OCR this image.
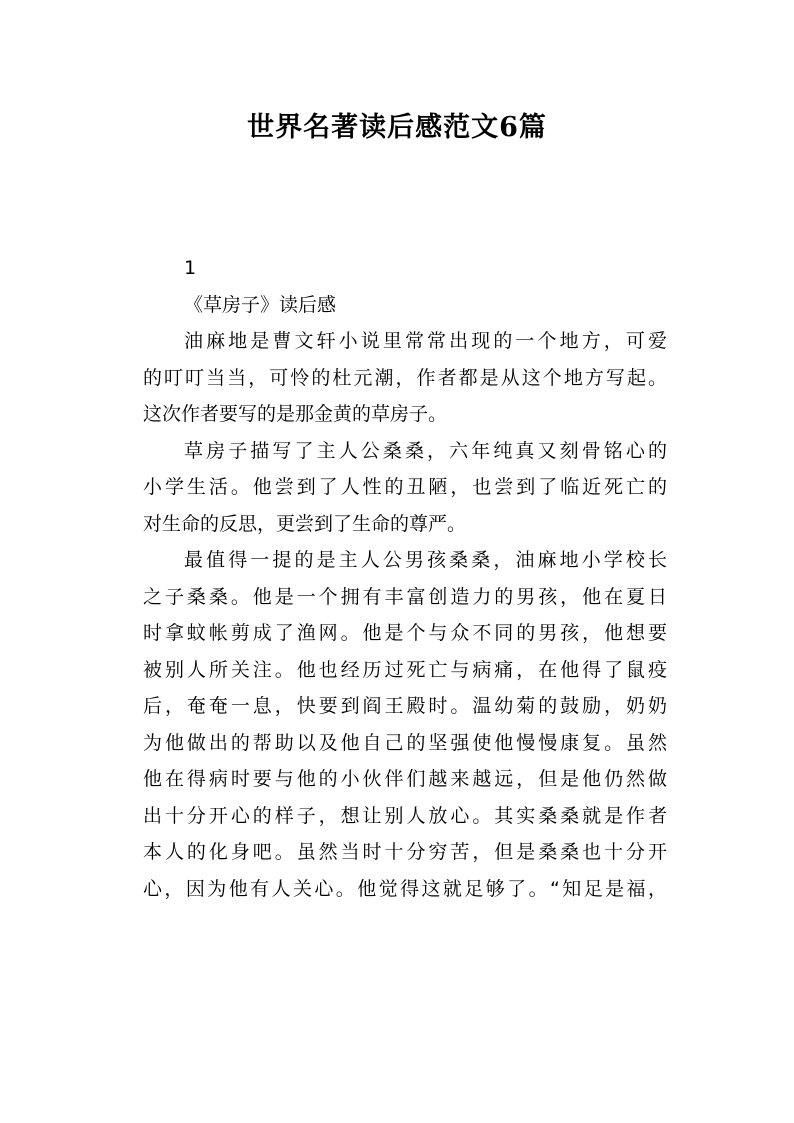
世界名著读后感范文6篇
1
《草房子》读后感
油麻地是曹文轩小说里常常出现的一个地方，可爱
的叮叮当当，可怜的杜元潮，作者都是从这个地方写起。
这次作者要写的是那金黄的草房子。
草房子描写了主人公桑桑，六年纯真又刻骨铭心的
小学生活。他尝到了人性的丑陋，也尝到了临近死亡的
对生命的反思，更尝到了生命的尊严。
最值得一提的是主人公男孩桑桑，油麻地小学校长
之子桑桑。他是一个拥有丰富创造力的男孩，他在夏日
时拿蚊帐剪成了渔网。他是个与众不同的男孩，他想要
被别人所关注。他也经历过死亡与病痛，在他得了鼠疫
后，奄奄一息，快要到阎王殿时。温幼菊的鼓励，奶奶
为他做出的帮助以及他自己的坚强使他慢慢康复。虽然
他在得病时要与他的小伙伴们越来越远，但是他仍然做
出十分开心的样子，想让别人放心。其实桑桑就是作者
本人的化身吧。虽然当时十分穷苦，但是桑桑也十分开
心，因为他有人关心。他觉得这就足够了。“知足是福，
